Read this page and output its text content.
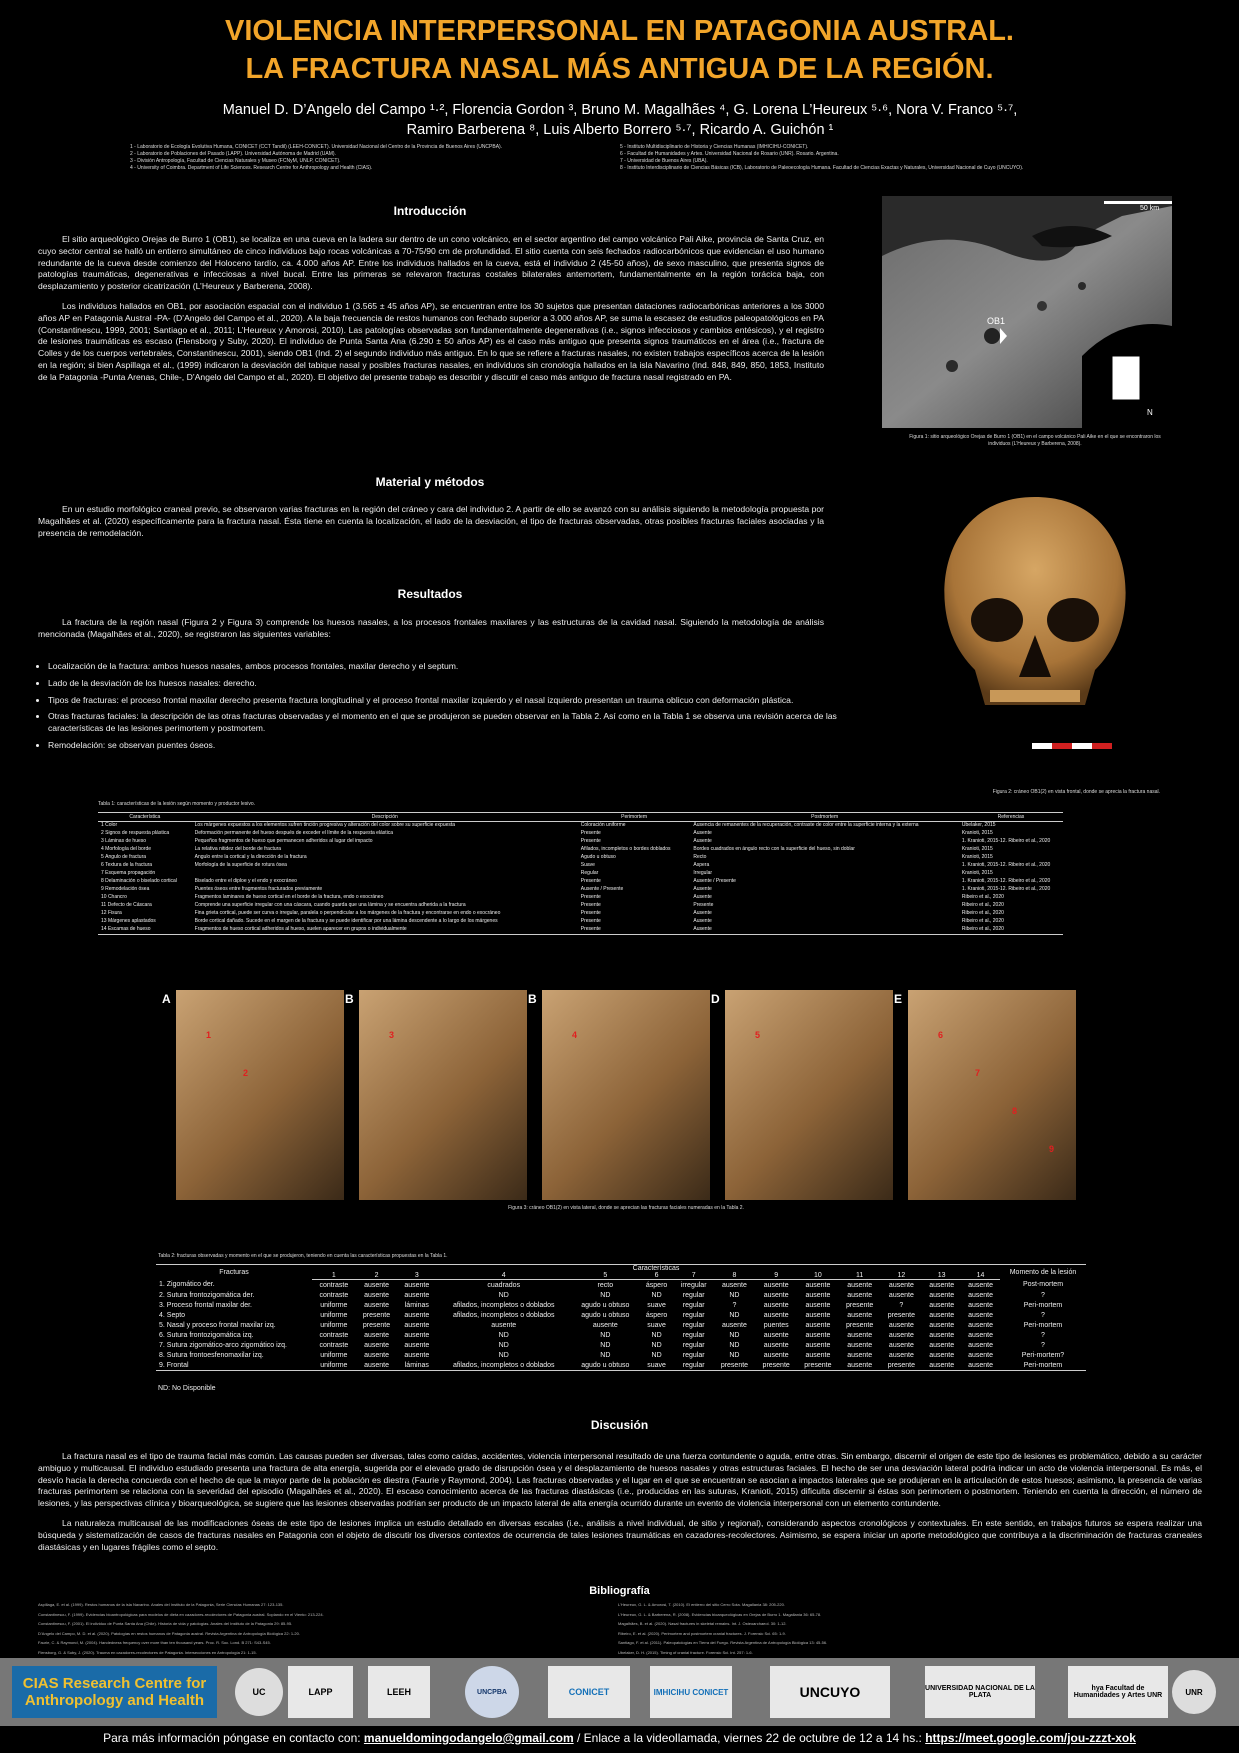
VIOLENCIA INTERPERSONAL EN PATAGONIA AUSTRAL.
LA FRACTURA NASAL MÁS ANTIGUA DE LA REGIÓN.
Manuel D. D’Angelo del Campo ¹·², Florencia Gordon ³, Bruno M. Magalhães ⁴, G. Lorena L’Heureux ⁵·⁶, Nora V. Franco ⁵·⁷,
Ramiro Barberena ⁸, Luis Alberto Borrero ⁵·⁷, Ricardo A. Guichón ¹
1 - Laboratorio de Ecología Evolutiva Humana, CONICET (CCT Tandil) (LEEH-CONICET). Universidad Nacional del Centro de la Provincia de Buenos Aires (UNCPBA).
2 - Laboratorio de Poblaciones del Pasado (LAPP). Universidad Autónoma de Madrid (UAM).
3 - División Antropología, Facultad de Ciencias Naturales y Museo (FCNyM, UNLP, CONICET).
4 - University of Coimbra. Department of Life Sciences. Research Centre for Anthropology and Health (CIAS).
5 - Instituto Multidisciplinario de Historia y Ciencias Humanas (IMHICIHU-CONICET).
6 - Facultad de Humanidades y Artes. Universidad Nacional de Rosario (UNR). Rosario. Argentina.
7 - Universidad de Buenos Aires (UBA).
8 - Instituto Interdisciplinario de Ciencias Básicas (ICB), Laboratorio de Paleoecología Humana. Facultad de Ciencias Exactas y Naturales, Universidad Nacional de Cuyo (UNCUYO).
Introducción

El sitio arqueológico Orejas de Burro 1 (OB1), se localiza en una cueva en la ladera sur dentro de un cono volcánico, en el sector argentino del campo volcánico Pali Aike, provincia de Santa Cruz, en cuyo sector central se halló un entierro simultáneo de cinco individuos bajo rocas volcánicas a 70-75/90 cm de profundidad. El sitio cuenta con seis fechados radiocarbónicos que evidencian el uso humano redundante de la cueva desde comienzo del Holoceno tardío, ca. 4.000 años AP. Entre los individuos hallados en la cueva, está el individuo 2 (45-50 años), de sexo masculino, que presenta signos de patologías traumáticas, degenerativas e infecciosas a nivel bucal. Entre las primeras se relevaron fracturas costales bilaterales antemortem, fundamentalmente en la región torácica baja, con desplazamiento y posterior cicatrización (L’Heureux y Barberena, 2008).

Los individuos hallados en OB1, por asociación espacial con el individuo 1 (3.565 ± 45 años AP), se encuentran entre los 30 sujetos que presentan dataciones radiocarbónicas anteriores a los 3000 años AP en Patagonia Austral -PA- (D’Angelo del Campo et al., 2020). A la baja frecuencia de restos humanos con fechado superior a 3.000 años AP, se suma la escasez de estudios paleopatológicos en PA (Constantinescu, 1999, 2001; Santiago et al., 2011; L’Heureux y Amorosi, 2010). Las patologías observadas son fundamentalmente degenerativas (i.e., signos infecciosos y cambios entésicos), y el registro de lesiones traumáticas es escaso (Flensborg y Suby, 2020). El individuo de Punta Santa Ana (6.290 ± 50 años AP) es el caso más antiguo que presenta signos traumáticos en el área (i.e., fractura de Colles y de los cuerpos vertebrales, Constantinescu, 2001), siendo OB1 (Ind. 2) el segundo individuo más antiguo. En lo que se refiere a fracturas nasales, no existen trabajos específicos acerca de la lesión en la región; si bien Aspillaga et al., (1999) indicaron la desviación del tabique nasal y posibles fracturas nasales, en individuos sin cronología hallados en la isla Navarino (Ind. 848, 849, 850, 1853, Instituto de la Patagonia -Punta Arenas, Chile-, D’Angelo del Campo et al., 2020). El objetivo del presente trabajo es describir y discutir el caso más antiguo de fractura nasal registrado en PA.

OB1
50 km
N
Figura 1: sitio arqueológico Orejas de Burro 1 (OB1) en el campo volcánico Pali Aike en el que se encontraron los individuos (L’Heureux y Barberena, 2008).
Material y métodos

En un estudio morfológico craneal previo, se observaron varias fracturas en la región del cráneo y cara del individuo 2. A partir de ello se avanzó con su análisis siguiendo la metodología propuesta por Magalhães et al. (2020) específicamente para la fractura nasal. Ésta tiene en cuenta la localización, el lado de la desviación, el tipo de fracturas observadas, otras posibles fracturas faciales asociadas y la presencia de remodelación.

Resultados

La fractura de la región nasal (Figura 2 y Figura 3) comprende los huesos nasales, a los procesos frontales maxilares y las estructuras de la cavidad nasal. Siguiendo la metodología de análisis mencionada (Magalhães et al., 2020), se registraron las siguientes variables:

• Localización de la fractura: ambos huesos nasales, ambos procesos frontales, maxilar derecho y el septum.
• Lado de la desviación de los huesos nasales: derecho.
• Tipos de fracturas: el proceso frontal maxilar derecho presenta fractura longitudinal y el proceso frontal maxilar izquierdo y el nasal izquierdo presentan un trauma oblicuo con deformación plástica.
• Otras fracturas faciales: la descripción de las otras fracturas observadas y el momento en el que se produjeron se pueden observar en la Tabla 2. Así como en la Tabla 1 se observa una revisión acerca de las características de las lesiones perimortem y postmortem.
• Remodelación: se observan puentes óseos.
Figura 2: cráneo OB1(2) en vista frontal, donde se aprecia la fractura nasal.
Tabla 1: características de la lesión según momento y productor lesivo.
Característica	Descripción	Perimortem	Postmortem	Referencias
1 Color	Los márgenes expuestos a los elementos sufren tinción progresiva y alteración del color sobre su superficie expuesta	Coloración uniforme	Ausencia de remanentes de la recuperación, contraste de color entre la superficie interna y la externa	Ubelaker, 2015
2 Signos de respuesta plástica	Deformación permanente del hueso después de exceder el límite de la respuesta elástica	Presente	Ausente	Kranioti, 2015
3 Láminas de hueso	Pequeños fragmentos de hueso que permanecen adheridos al lugar del impacto	Presente	Ausente	1. Kranioti, 2015-12. Ribeiro et al., 2020
4 Morfología del borde	La relativa nitidez del borde de fractura	Afilados, incompletos o bordes doblados	Bordes cuadrados en ángulo recto con la superficie del hueso, sin doblar	Kranioti, 2015
5 Ángulo de fractura	Ángulo entre la cortical y la dirección de la fractura	Agudo u obtuso	Recto	Kranioti, 2015
6 Textura de la fractura	Morfología de la superficie de rotura ósea	Suave	Áspera	1. Kranioti, 2015-12. Ribeiro et al., 2020
7 Esquema propagación		Regular	Irregular	Kranioti, 2015
8 Delaminación o biselado cortical	Biselado entre el diploe y el endo y exocráneo	Presente	Ausente / Presente	1. Kranioti, 2015-12. Ribeiro et al., 2020
9 Remodelación ósea	Puentes óseos entre fragmentos fracturados previamente	Ausente / Presente	Ausente	1. Kranioti, 2015-12. Ribeiro et al., 2020
10 Chancro	Fragmentos laminares de hueso cortical en el borde de la fractura, endo o exocráneo	Presente	Ausente	Ribeiro et al., 2020
11 Defecto de Cáscara	Comprende una superficie irregular con una cáscara, cuando guarda que una lámina y se encuentra adherida a la fractura	Presente	Presente	Ribeiro et al., 2020
12 Fisura	Fina grieta cortical, puede ser curva o irregular, paralela o perpendicular a los márgenes de la fractura y encontrarse en endo o exocráneo	Presente	Ausente	Ribeiro et al., 2020
13 Márgenes aplastados	Borde cortical dañado. Sucede en el margen de la fractura y se puede identificar por una lámina descendente a lo largo de los márgenes	Presente	Ausente	Ribeiro et al., 2020
14 Escamas de hueso	Fragmentos de hueso cortical adheridos al hueso, suelen aparecer en grupos o individualmente	Presente	Ausente	Ribeiro et al., 2020
A
1
2
B
3
B
4
D
5
E
6
7
8
9
Figura 3: cráneo OB1(2) en vista lateral, donde se aprecian las fracturas faciales numeradas en la Tabla 2.
Tabla 2: fracturas observadas y momento en el que se produjeron, teniendo en cuenta las características propuestas en la Tabla 1.
Fracturas	Características														Momento de la lesión
	1	2	3	4	5	6	7	8	9	10	11	12	13	14	
1. Zigomático der.	contraste	ausente	ausente	cuadrados	recto	áspero	irregular	ausente	ausente	ausente	ausente	ausente	ausente	ausente	Post-mortem
2. Sutura frontozigomática der.	contraste	ausente	ausente	ND	ND	ND	regular	ND	ausente	ausente	ausente	ausente	ausente	ausente	?
3. Proceso frontal maxilar der.	uniforme	ausente	láminas	afilados, incompletos o doblados	agudo u obtuso	suave	regular	?	ausente	ausente	presente	?	ausente	ausente	Peri-mortem
4. Septo	uniforme	presente	ausente	afilados, incompletos o doblados	agudo u obtuso	áspero	regular	ND	ausente	ausente	ausente	presente	ausente	ausente	?
5. Nasal y proceso frontal maxilar izq.	uniforme	presente	ausente	ausente	ausente	suave	regular	ausente	puentes	ausente	presente	ausente	ausente	ausente	Peri-mortem
6. Sutura frontozigomática izq.	contraste	ausente	ausente	ND	ND	ND	regular	ND	ausente	ausente	ausente	ausente	ausente	ausente	?
7. Sutura zigomático-arco zigomático izq.	contraste	ausente	ausente	ND	ND	ND	regular	ND	ausente	ausente	ausente	ausente	ausente	ausente	?
8. Sutura frontoesfenomaxilar izq.	uniforme	ausente	ausente	ND	ND	ND	regular	ND	ausente	ausente	ausente	ausente	ausente	ausente	Peri-mortem?
9. Frontal	uniforme	ausente	láminas	afilados, incompletos o doblados	agudo u obtuso	suave	regular	presente	presente	presente	ausente	presente	ausente	ausente	Peri-mortem
ND: No Disponible
Discusión

La fractura nasal es el tipo de trauma facial más común. Las causas pueden ser diversas, tales como caídas, accidentes, violencia interpersonal resultado de una fuerza contundente o aguda, entre otras. Sin embargo, discernir el origen de este tipo de lesiones es problemático, debido a su carácter ambiguo y multicausal. El individuo estudiado presenta una fractura de alta energía, sugerida por el elevado grado de disrupción ósea y el desplazamiento de huesos nasales y otras estructuras faciales. El hecho de ser una desviación lateral podría indicar un acto de violencia interpersonal. Es más, el desvío hacia la derecha concuerda con el hecho de que la mayor parte de la población es diestra (Faurie y Raymond, 2004). Las fracturas observadas y el lugar en el que se encuentran se asocian a impactos laterales que se produjeran en la articulación de estos huesos; asimismo, la presencia de varias fracturas perimortem se relaciona con la severidad del episodio (Magalhães et al., 2020). El escaso conocimiento acerca de las fracturas diastásicas (i.e., producidas en las suturas, Kranioti, 2015) dificulta discernir si éstas son perimortem o postmortem. Teniendo en cuenta la dirección, el número de lesiones, y las perspectivas clínica y bioarqueológica, se sugiere que las lesiones observadas podrían ser producto de un impacto lateral de alta energía ocurrido durante un evento de violencia interpersonal con un elemento contundente.

La naturaleza multicausal de las modificaciones óseas de este tipo de lesiones implica un estudio detallado en diversas escalas (i.e., análisis a nivel individual, de sitio y regional), considerando aspectos cronológicos y contextuales. En este sentido, en trabajos futuros se espera realizar una búsqueda y sistematización de casos de fracturas nasales en Patagonia con el objeto de discutir los diversos contextos de ocurrencia de tales lesiones traumáticas en cazadores-recolectores. Asimismo, se espera iniciar un aporte metodológico que contribuya a la discriminación de fracturas craneales diastásicas y en lugares frágiles como el septo.

Bibliografía
Aspillaga, E. et al. (1999). Restos humanos de la isla Navarino. Anales del Instituto de la Patagonia, Serie Ciencias Humanas 27: 123-135.
Constantinescu, F. (1999). Evidencias bioantropológicas para modelos de dieta en cazadores-recolectores de Patagonia austral. Soplando en el Viento: 213-224.
Constantinescu, F. (2001). El individuo de Punta Santa Ana (Chile). Historia de vida y patologías. Anales del Instituto de la Patagonia 29: 85-95.
D’Angelo del Campo, M. D. et al. (2020). Patologías en restos humanos de Patagonia austral. Revista Argentina de Antropología Biológica 22: 1-20.
Faurie, C. & Raymond, M. (2004). Handedness frequency over more than ten thousand years. Proc. R. Soc. Lond. B 271: S43-S45.
Flensborg, G. & Suby, J. (2020). Trauma en cazadores-recolectores de Patagonia. Intersecciones en Antropología 21: 1-15.
L’Heureux, G. L. & Amorosi, T. (2010). El entierro del sitio Cerro Sota. Magallania 38: 205-220.
L’Heureux, G. L. & Barberena, R. (2008). Evidencias bioarqueológicas en Orejas de Burro 1. Magallania 36: 65-78.
Magalhães, B. et al. (2020). Nasal fractures in skeletal remains. Int. J. Osteoarchaeol. 30: 1-12.
Ribeiro, E. et al. (2020). Perimortem and postmortem cranial fractures. J. Forensic Sci. 65: 1-9.
Santiago, F. et al. (2011). Paleopatologías en Tierra del Fuego. Revista Argentina de Antropología Biológica 13: 45-56.
Ubelaker, D. H. (2015). Timing of cranial fracture. Forensic Sci. Int. 257: 1-6.
CIAS Research Centre for Anthropology and Health	UC	LAPP	LEEH	UNCPBA	CONICET	IMHICIHU CONICET	UNCUYO	UNIVERSIDAD NACIONAL DE LA PLATA
hya Facultad de Humanidades y Artes UNR	UNR
Para más información póngase en contacto con: manueldomingodangelo@gmail.com / Enlace a la videollamada, viernes 22 de octubre de 12 a 14 hs.: https://meet.google.com/jou-zzzt-xok
